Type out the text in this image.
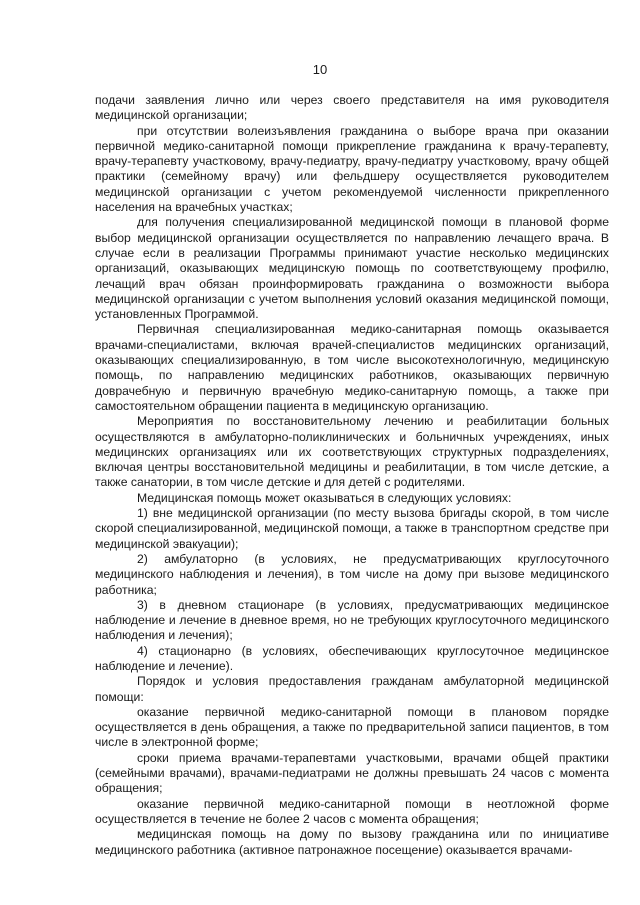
10

подачи заявления лично или через своего представителя на имя руководителя медицинской организации;

при отсутствии волеизъявления гражданина о выборе врача при оказании первичной медико-санитарной помощи прикрепление гражданина к врачу-терапевту, врачу-терапевту участковому, врачу-педиатру, врачу-педиатру участковому, врачу общей практики (семейному врачу) или фельдшеру осуществляется руководителем медицинской организации с учетом рекомендуемой численности прикрепленного населения на врачебных участках;

для получения специализированной медицинской помощи в плановой форме выбор медицинской организации осуществляется по направлению лечащего врача. В случае если в реализации Программы принимают участие несколько медицинских организаций, оказывающих медицинскую помощь по соответствующему профилю, лечащий врач обязан проинформировать гражданина о возможности выбора медицинской организации с учетом выполнения условий оказания медицинской помощи, установленных Программой.

Первичная специализированная медико-санитарная помощь оказывается врачами-специалистами, включая врачей-специалистов медицинских организаций, оказывающих специализированную, в том числе высокотехнологичную, медицинскую помощь, по направлению медицинских работников, оказывающих первичную доврачебную и первичную врачебную медико-санитарную помощь, а также при самостоятельном обращении пациента в медицинскую организацию.

Мероприятия по восстановительному лечению и реабилитации больных осуществляются в амбулаторно-поликлинических и больничных учреждениях, иных медицинских организациях или их соответствующих структурных подразделениях, включая центры восстановительной медицины и реабилитации, в том числе детские, а также санатории, в том числе детские и для детей с родителями.

Медицинская помощь может оказываться в следующих условиях:

1) вне медицинской организации (по месту вызова бригады скорой, в том числе скорой специализированной, медицинской помощи, а также в транспортном средстве при медицинской эвакуации);

2) амбулаторно (в условиях, не предусматривающих круглосуточного медицинского наблюдения и лечения), в том числе на дому при вызове медицинского работника;

3) в дневном стационаре (в условиях, предусматривающих медицинское наблюдение и лечение в дневное время, но не требующих круглосуточного медицинского наблюдения и лечения);

4) стационарно (в условиях, обеспечивающих круглосуточное медицинское наблюдение и лечение).

Порядок и условия предоставления гражданам амбулаторной медицинской помощи:

оказание первичной медико-санитарной помощи в плановом порядке осуществляется в день обращения, а также по предварительной записи пациентов, в том числе в электронной форме;

сроки приема врачами-терапевтами участковыми, врачами общей практики (семейными врачами), врачами-педиатрами не должны превышать 24 часов с момента обращения;

оказание первичной медико-санитарной помощи в неотложной форме осуществляется в течение не более 2 часов с момента обращения;

медицинская помощь на дому по вызову гражданина или по инициативе медицинского работника (активное патронажное посещение) оказывается врачами-
